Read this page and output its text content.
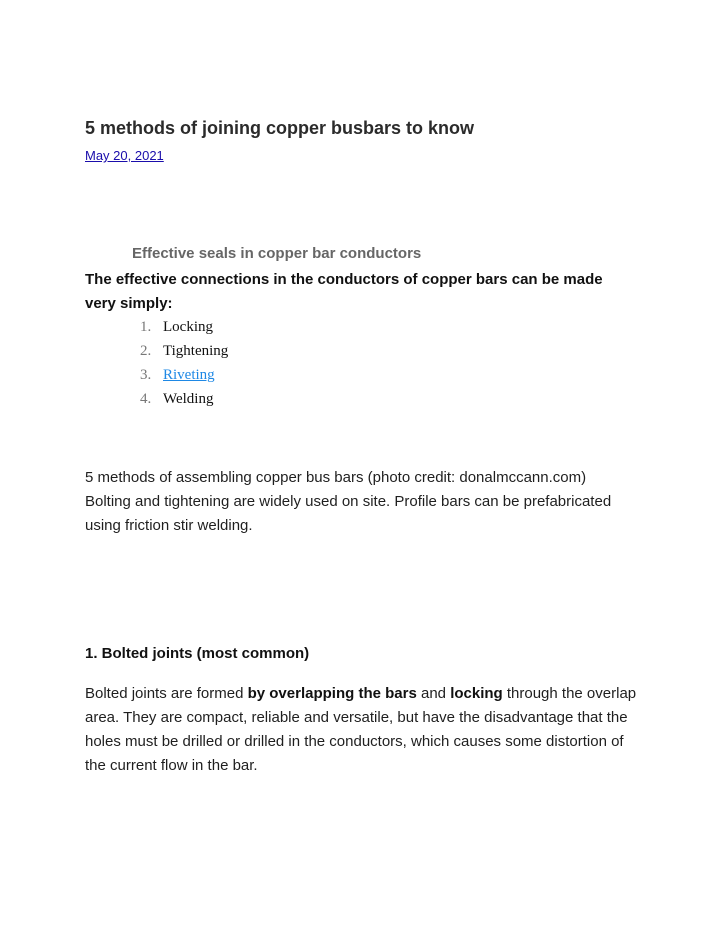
5 methods of joining copper busbars to know
May 20, 2021
Effective seals in copper bar conductors
The effective connections in the conductors of copper bars can be made very simply:
1. Locking
2. Tightening
3. Riveting
4. Welding
5 methods of assembling copper bus bars (photo credit: donalmccann.com)
Bolting and tightening are widely used on site. Profile bars can be prefabricated using friction stir welding.
1. Bolted joints (most common)
Bolted joints are formed by overlapping the bars and locking through the overlap area. They are compact, reliable and versatile, but have the disadvantage that the holes must be drilled or drilled in the conductors, which causes some distortion of the current flow in the bar.
